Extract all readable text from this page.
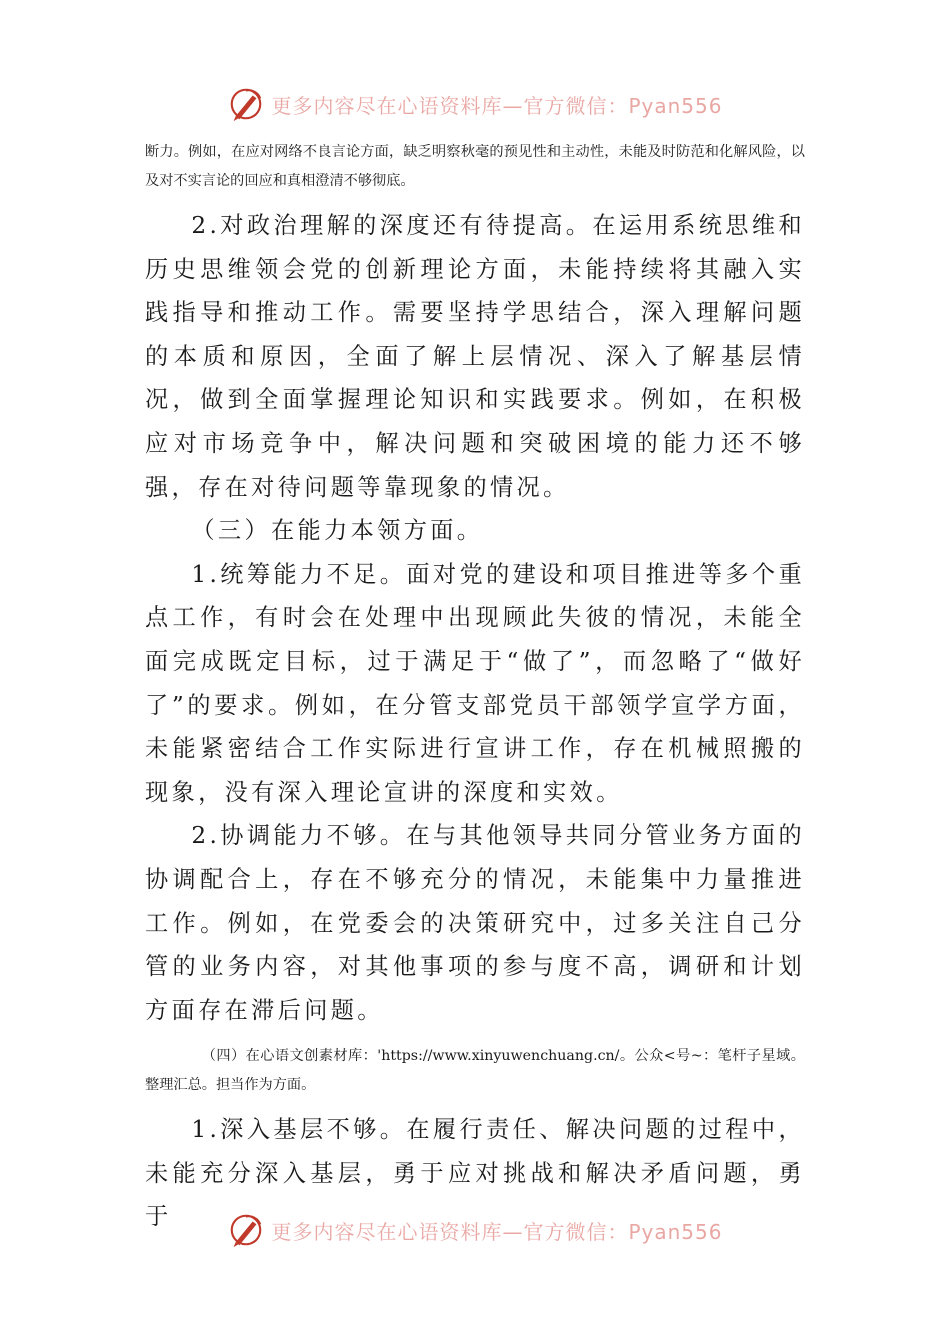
更多内容尽在心语资料库—官方微信：Pyan556

断力。例如，在应对网络不良言论方面，缺乏明察秋毫的预见性和主动性，未能及时防范和化解风险，以及对不实言论的回应和真相澄清不够彻底。

2.对政治理解的深度还有待提高。在运用系统思维和历史思维领会党的创新理论方面，未能持续将其融入实践指导和推动工作。需要坚持学思结合，深入理解问题的本质和原因，全面了解上层情况、深入了解基层情况，做到全面掌握理论知识和实践要求。例如，在积极应对市场竞争中，解决问题和突破困境的能力还不够强，存在对待问题等靠现象的情况。

（三）在能力本领方面。

1.统筹能力不足。面对党的建设和项目推进等多个重点工作，有时会在处理中出现顾此失彼的情况，未能全面完成既定目标，过于满足于“做了”，而忽略了“做好了”的要求。例如，在分管支部党员干部领学宣学方面，未能紧密结合工作实际进行宣讲工作，存在机械照搬的现象，没有深入理论宣讲的深度和实效。

2.协调能力不够。在与其他领导共同分管业务方面的协调配合上，存在不够充分的情况，未能集中力量推进工作。例如，在党委会的决策研究中，过多关注自己分管的业务内容，对其他事项的参与度不高，调研和计划方面存在滞后问题。

（四）在心语文创素材库：'https://www.xinyuwenchuang.cn/。公众<号~：笔杆子星域。整理汇总。担当作为方面。

1.深入基层不够。在履行责任、解决问题的过程中，未能充分深入基层，勇于应对挑战和解决矛盾问题，勇于

更多内容尽在心语资料库—官方微信：Pyan556
